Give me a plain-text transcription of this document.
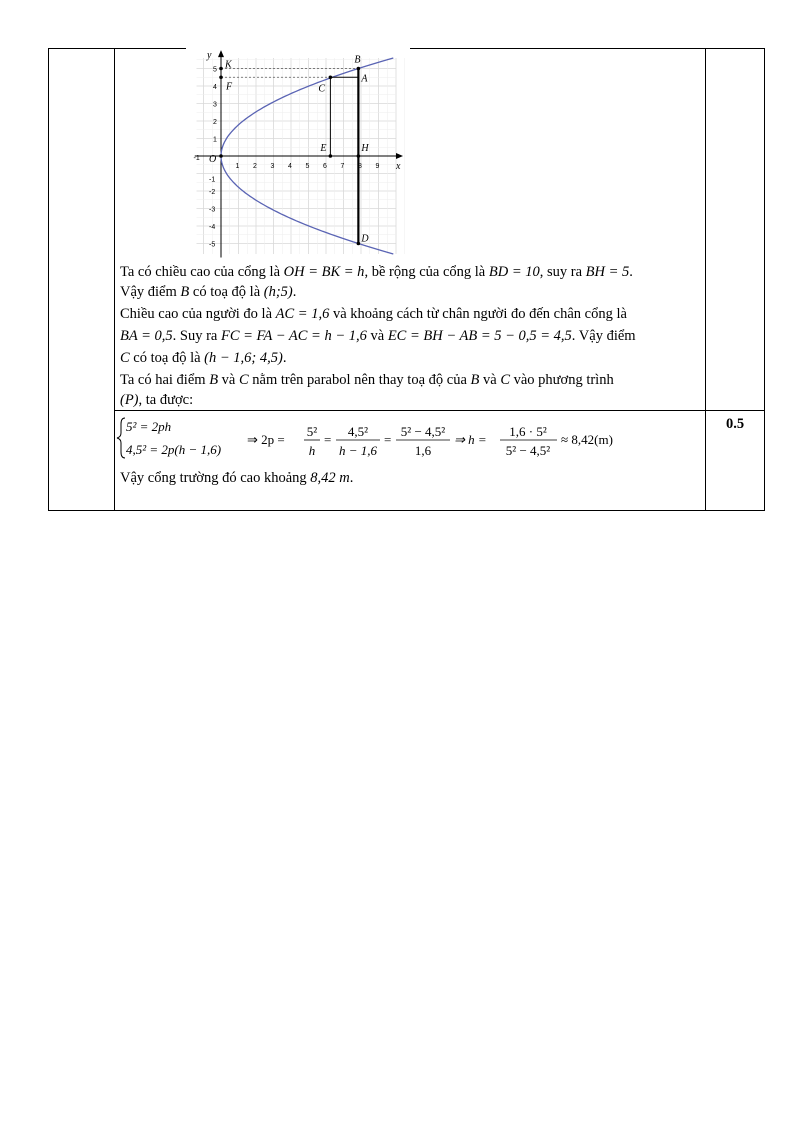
x
y
O
-1
1 2 3 4 5 6 7 8 9
5
4
3
2
1
-1
-2
-3
-4
-5
K
F
B
A
C
E	H
D
Ta có chiều cao của cổng là OH = BK = h, bề rộng của cổng là BD = 10, suy ra BH = 5.
Vậy điểm B có toạ độ là (h;5).
Chiều cao của người đo là AC = 1,6 và khoảng cách từ chân người đo đến chân cổng là
BA = 0,5. Suy ra FC = FA − AC = h − 1,6 và EC = BH − AB = 5 − 0,5 = 4,5. Vậy điểm
C có toạ độ là (h − 1,6; 4,5).
Ta có hai điểm B và C nằm trên parabol nên thay toạ độ của B và C vào phương trình
(P), ta được:
5² = 2ph
4,5² = 2p(h − 1,6)
⇒ 2p =
5²
h
=
4,5²
h − 1,6
=
5² − 4,5²
1,6
⇒ h =
1,6 · 5²
5² − 4,5²
≈ 8,42(m)
Vậy cổng trường đó cao khoảng 8,42 m.
0.5
